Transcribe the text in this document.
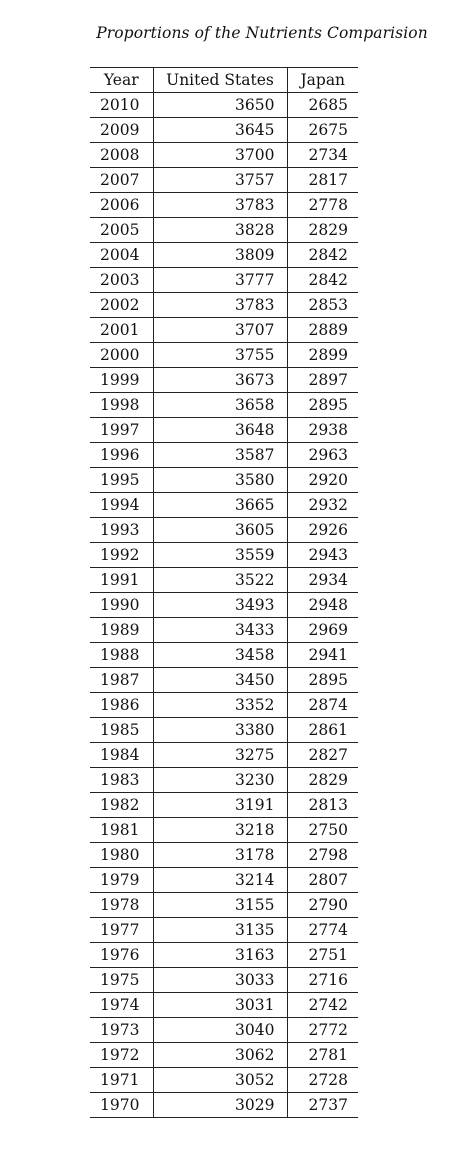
Proportions of the Nutrients Comparision
Year	United States	Japan
2010	3650	2685
2009	3645	2675
2008	3700	2734
2007	3757	2817
2006	3783	2778
2005	3828	2829
2004	3809	2842
2003	3777	2842
2002	3783	2853
2001	3707	2889
2000	3755	2899
1999	3673	2897
1998	3658	2895
1997	3648	2938
1996	3587	2963
1995	3580	2920
1994	3665	2932
1993	3605	2926
1992	3559	2943
1991	3522	2934
1990	3493	2948
1989	3433	2969
1988	3458	2941
1987	3450	2895
1986	3352	2874
1985	3380	2861
1984	3275	2827
1983	3230	2829
1982	3191	2813
1981	3218	2750
1980	3178	2798
1979	3214	2807
1978	3155	2790
1977	3135	2774
1976	3163	2751
1975	3033	2716
1974	3031	2742
1973	3040	2772
1972	3062	2781
1971	3052	2728
1970	3029	2737
